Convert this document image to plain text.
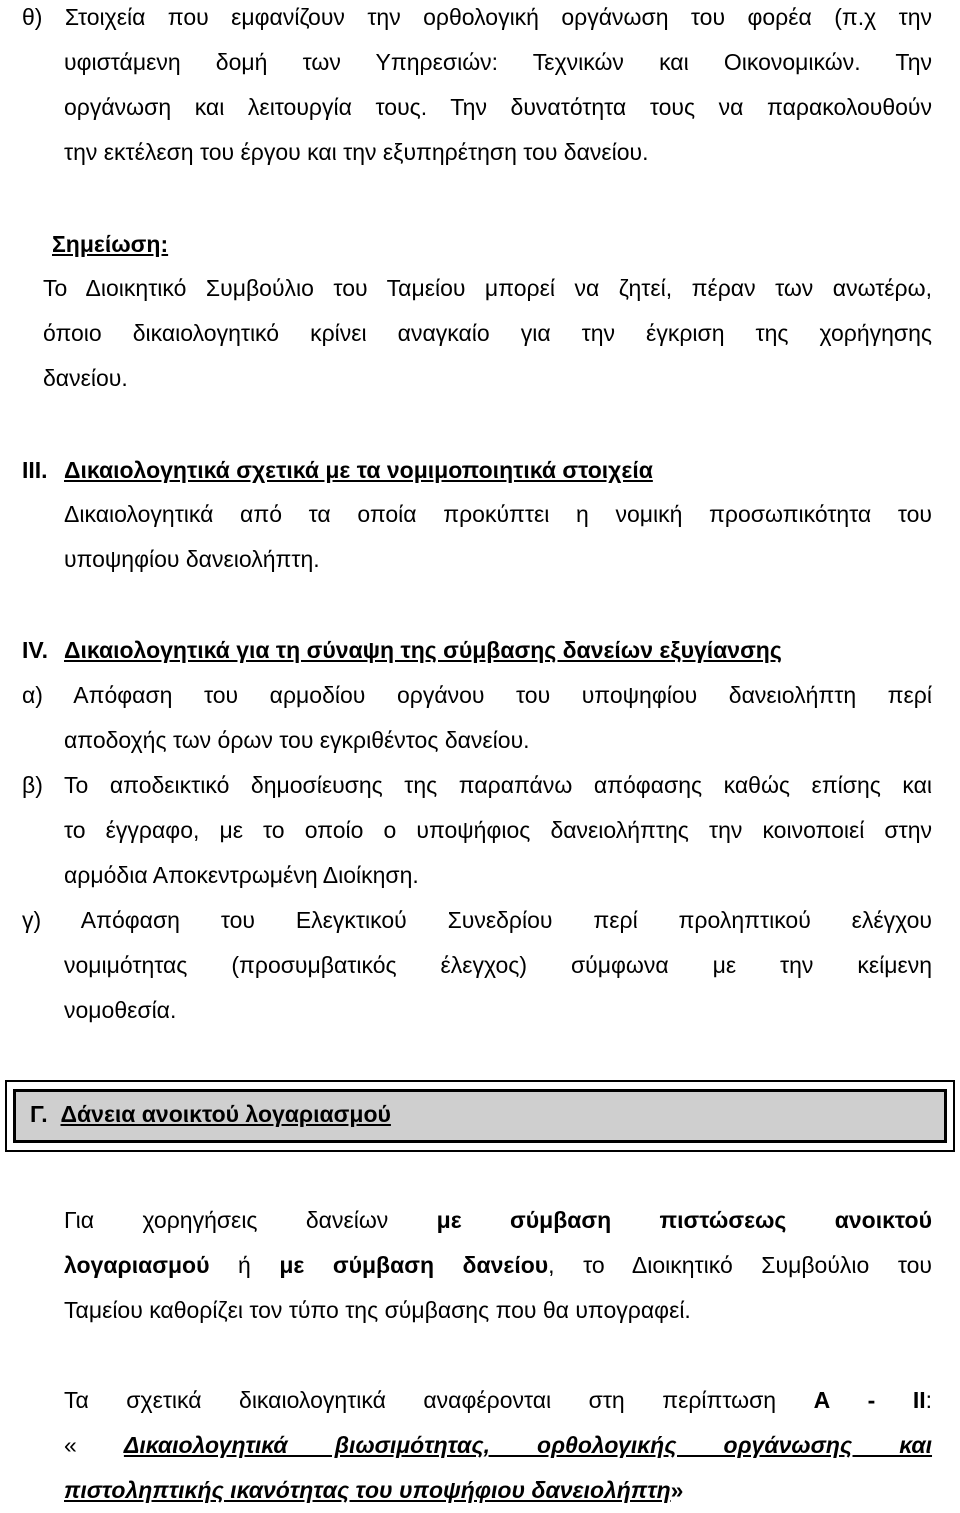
θ) Στοιχεία που εμφανίζουν την ορθολογική οργάνωση του φορέα (π.χ την
υφιστάμενη δομή των Υπηρεσιών: Τεχνικών και Οικονομικών. Την
οργάνωση και λειτουργία τους. Την δυνατότητα τους να παρακολουθούν
την εκτέλεση του έργου και την εξυπηρέτηση του δανείου.
Σημείωση:
Το Διοικητικό Συμβούλιο του Ταμείου μπορεί να ζητεί, πέραν των ανωτέρω,
όποιο δικαιολογητικό κρίνει αναγκαίο για την έγκριση της χορήγησης
δανείου.
ΙΙΙ. Δικαιολογητικά σχετικά με τα νομιμοποιητικά στοιχεία
Δικαιολογητικά από τα οποία προκύπτει η νομική προσωπικότητα του
υποψηφίου δανειολήπτη.
IV. Δικαιολογητικά για τη σύναψη της σύμβασης δανείων εξυγίανσης
α) Απόφαση του αρμοδίου οργάνου του υποψηφίου δανειολήπτη περί
αποδοχής των όρων του εγκριθέντος δανείου.
β) Το αποδεικτικό δημοσίευσης της παραπάνω απόφασης καθώς επίσης και
το έγγραφο, με το οποίο ο υποψήφιος δανειολήπτης την κοινοποιεί στην
αρμόδια Αποκεντρωμένη Διοίκηση.
γ) Απόφαση του Ελεγκτικού Συνεδρίου περί προληπτικού ελέγχου
νομιμότητας (προσυμβατικός έλεγχος) σύμφωνα με την κείμενη
νομοθεσία.
Γ. Δάνεια ανοικτού λογαριασμού
Για χορηγήσεις δανείων με σύμβαση πιστώσεως ανοικτού
λογαριασμού ή με σύμβαση δανείου, το Διοικητικό Συμβούλιο του
Ταμείου καθορίζει τον τύπο της σύμβασης που θα υπογραφεί.
Τα σχετικά δικαιολογητικά αναφέρονται στη περίπτωση Α - ΙΙ:
« Δικαιολογητικά βιωσιμότητας, ορθολογικής οργάνωσης και
πιστοληπτικής ικανότητας του υποψήφιου δανειολήπτη»
